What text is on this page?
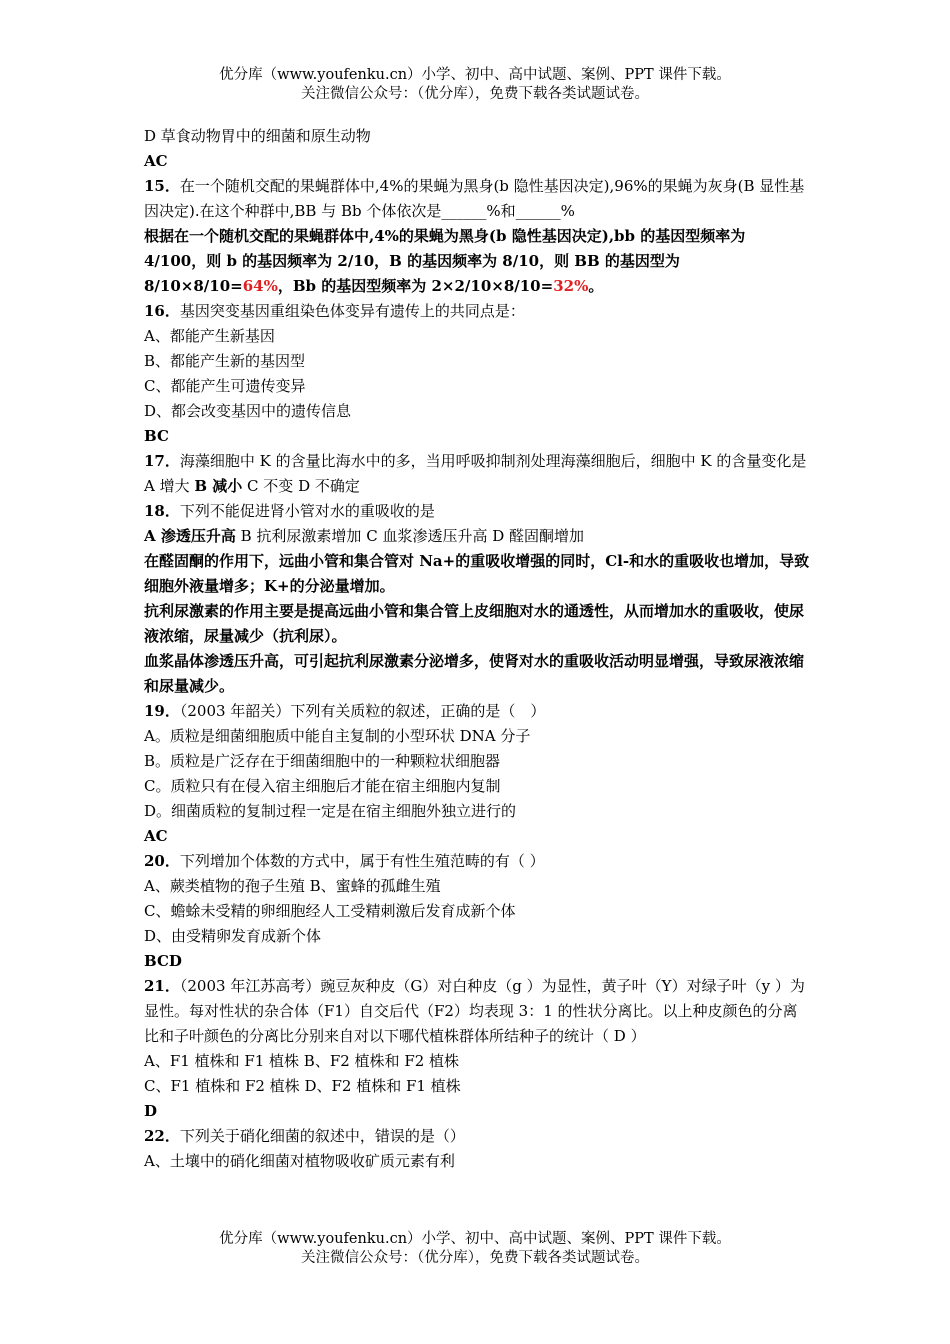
优分库（www.youfenku.cn）小学、初中、高中试题、案例、PPT 课件下载。
关注微信公众号：（优分库），免费下载各类试题试卷。

D 草食动物胃中的细菌和原生动物

AC

15．在一个随机交配的果蝇群体中,4%的果蝇为黑身(b 隐性基因决定),96%的果蝇为灰身(B 显性基因决定).在这个种群中,BB 与 Bb 个体依次是______%和______%

根据在一个随机交配的果蝇群体中,4%的果蝇为黑身(b 隐性基因决定),bb 的基因型频率为 4/100，则 b 的基因频率为 2/10，B 的基因频率为 8/10，则 BB 的基因型为 8/10×8/10=64%，Bb 的基因型频率为 2×2/10×8/10=32%。

16．基因突变基因重组染色体变异有遗传上的共同点是：

A、都能产生新基因

B、都能产生新的基因型

C、都能产生可遗传变异

D、都会改变基因中的遗传信息

BC

17．海藻细胞中 K 的含量比海水中的多，当用呼吸抑制剂处理海藻细胞后，细胞中 K 的含量变化是

A 增大 B 减小 C 不变 D 不确定

18．下列不能促进肾小管对水的重吸收的是

A 渗透压升高 B 抗利尿激素增加 C 血浆渗透压升高 D 醛固酮增加

在醛固酮的作用下，远曲小管和集合管对 Na+的重吸收增强的同时，Cl-和水的重吸收也增加，导致细胞外液量增多；K+的分泌量增加。

抗利尿激素的作用主要是提高远曲小管和集合管上皮细胞对水的通透性，从而增加水的重吸收，使尿液浓缩，尿量减少（抗利尿）。

血浆晶体渗透压升高，可引起抗利尿激素分泌增多，使肾对水的重吸收活动明显增强，导致尿液浓缩和尿量减少。

19．（2003 年韶关）下列有关质粒的叙述，正确的是（　）

A。质粒是细菌细胞质中能自主复制的小型环状 DNA 分子

B。质粒是广泛存在于细菌细胞中的一种颗粒状细胞器

C。质粒只有在侵入宿主细胞后才能在宿主细胞内复制

D。细菌质粒的复制过程一定是在宿主细胞外独立进行的

AC

20．下列增加个体数的方式中，属于有性生殖范畴的有（ ）

A、蕨类植物的孢子生殖 B、蜜蜂的孤雌生殖

C、蟾蜍未受精的卵细胞经人工受精刺激后发育成新个体

D、由受精卵发育成新个体

BCD

21．（2003 年江苏高考）豌豆灰种皮（G）对白种皮（g ）为显性，黄子叶（Y）对绿子叶（y ）为显性。每对性状的杂合体（F1）自交后代（F2）均表现 3：1 的性状分离比。以上种皮颜色的分离比和子叶颜色的分离比分别来自对以下哪代植株群体所结种子的统计（ D ）

A、F1 植株和 F1 植株 B、F2 植株和 F2 植株

C、F1 植株和 F2 植株 D、F2 植株和 F1 植株

D

22．下列关于硝化细菌的叙述中，错误的是（）

A、土壤中的硝化细菌对植物吸收矿质元素有利

优分库（www.youfenku.cn）小学、初中、高中试题、案例、PPT 课件下载。
关注微信公众号：（优分库），免费下载各类试题试卷。
